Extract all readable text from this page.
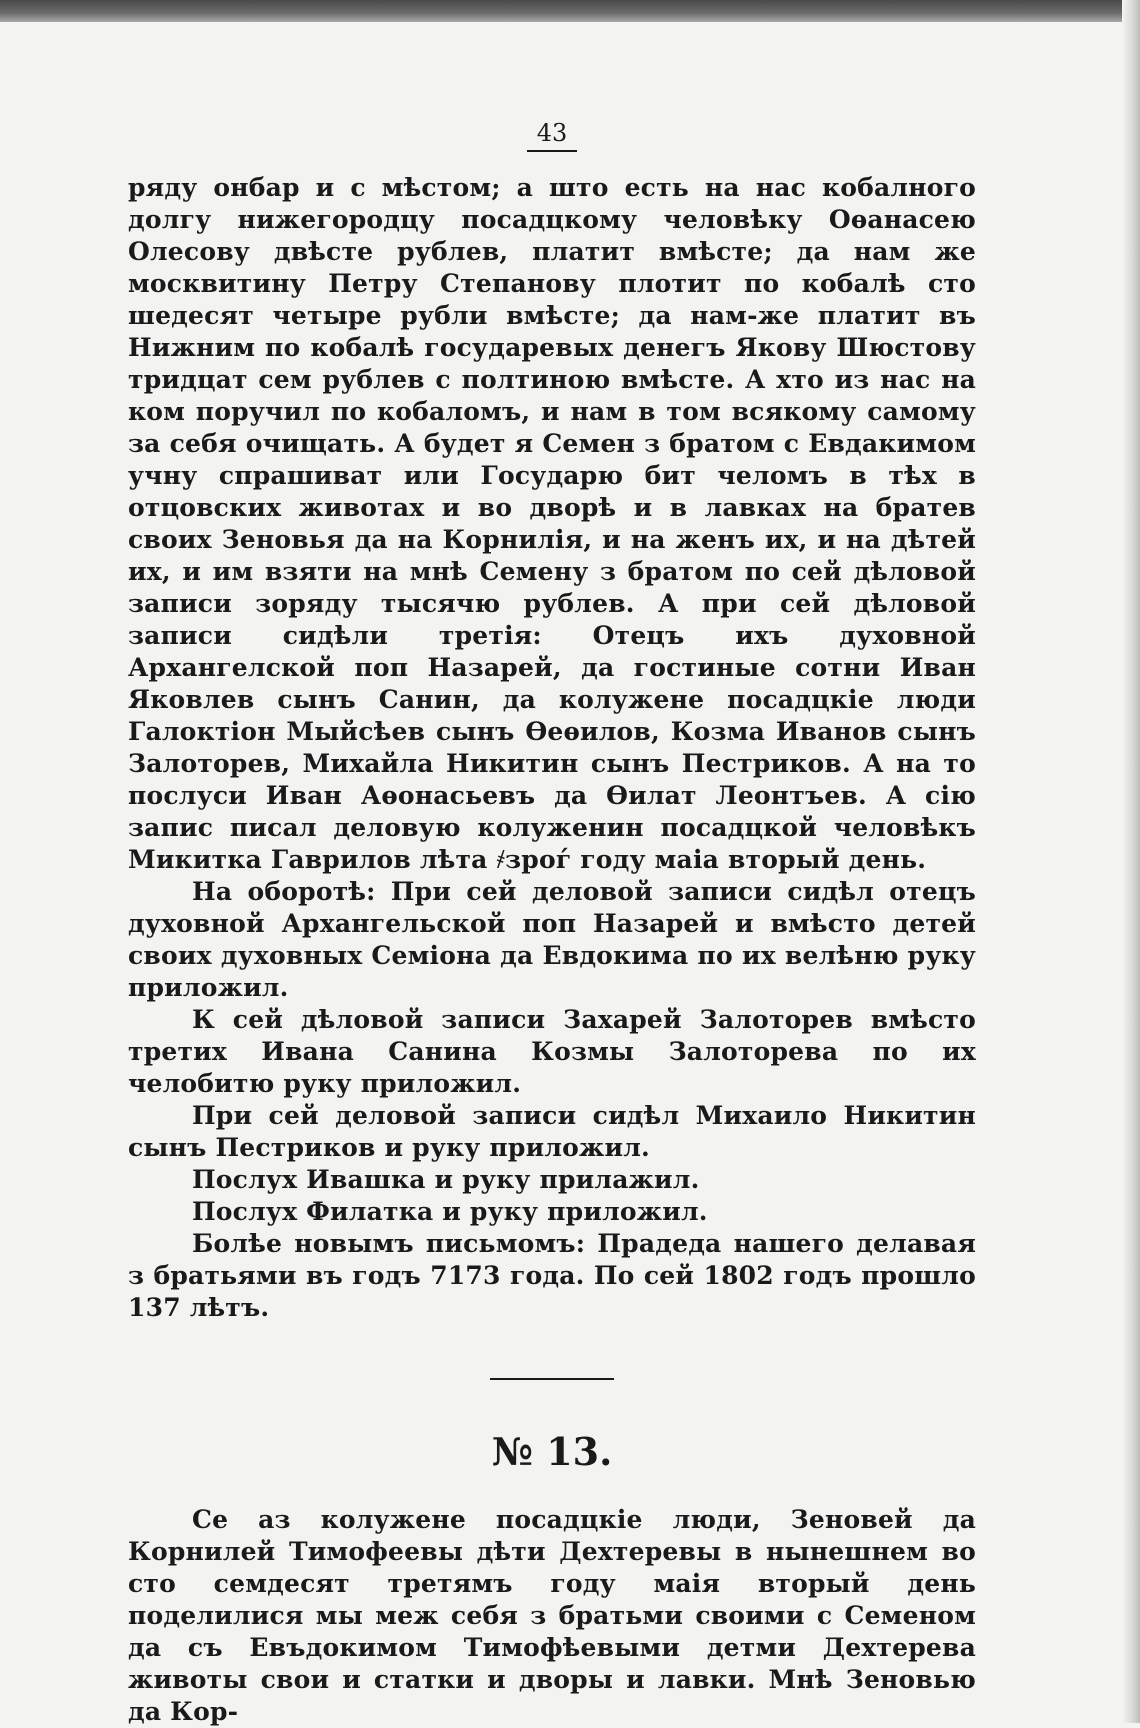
43

ряду онбар и с мѣстом; а што есть на нас кобалного долгу нижегородцу посадцкому человѣку Оѳанасею Олесову двѣсте рублев, платит вмѣсте; да нам же москвитину Петру Степанову плотит по кобалѣ сто шедесят четыре рубли вмѣсте; да нам-же платит въ Нижним по кобалѣ государевых денегъ Якову Шюстову тридцат сем рублев с полтиною вмѣсте. А хто из нас на ком поручил по кобаломъ, и нам в том всякому самому за себя очищать. А будет я Семен з братом с Евдакимом учну спрашиват или Государю бит челомъ в тѣх в отцовских животах и во дворѣ и в лавках на братев своих Зеновья да на Корнилія, и на женъ их, и на дѣтей их, и им взяти на мнѣ Семену з братом по сей дѣловой записи зоряду тысячю рублев. А при сей дѣловой записи сидѣли третія: Отецъ ихъ духовной Архангелской поп Назарей, да гостиные сотни Иван Яковлев сынъ Санин, да колужене посадцкіе люди Галоктіон Мыйсѣев сынъ Ѳеѳилов, Козма Иванов сынъ Залоторев, Михайла Никитин сынъ Пестриков. А на то послуси Иван Аѳонасьевъ да Ѳилат Леонтъев. А сію запис писал деловую колуженин посадцкой человѣкъ Микитка Гаврилов лѣта ҂зроѓ году маіа вторый день.

На оборотѣ: При сей деловой записи сидѣл отецъ духовной Архангельской поп Назарей и вмѣсто детей своих духовных Семіона да Евдокима по их велѣню руку приложил.

К сей дѣловой записи Захарей Залоторев вмѣсто третих Ивана Санина Козмы Залоторева по их челобитю руку приложил.

При сей деловой записи сидѣл Михаило Никитин сынъ Пестриков и руку приложил.

Послух Ивашка и руку прилажил.

Послух Филатка и руку приложил.

Болѣе новымъ письмомъ: Прадеда нашего делавая з братьями въ годъ 7173 года. По сей 1802 годъ прошло 137 лѣтъ.

№ 13.

Се аз колужене посадцкіе люди, Зеновей да Корнилей Тимофеевы дѣти Дехтеревы в нынешнем во сто семдесят третямъ году маія вторый день поделилися мы меж себя з братьми своими с Семеном да съ Евъдокимом Тимофѣевыми детми Дехтерева животы свои и статки и дворы и лавки. Мнѣ Зеновью да Кор-
